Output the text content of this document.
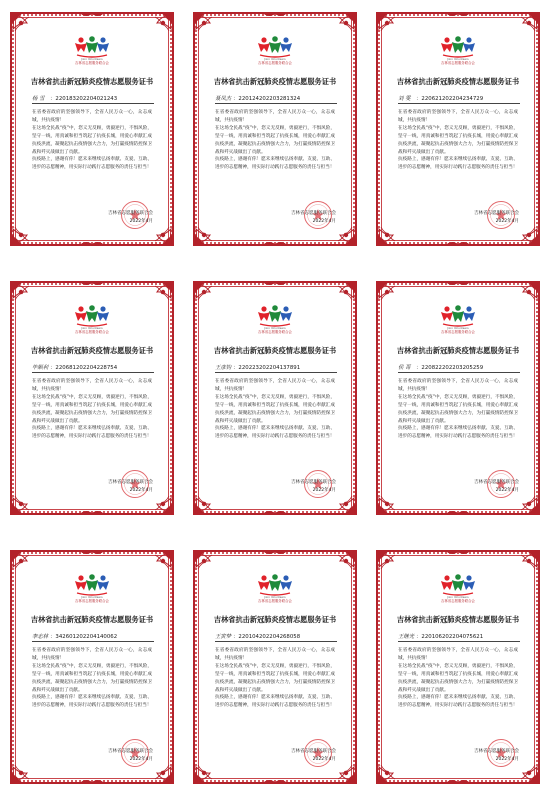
JiLin Volunteers
吉林省志愿服务联合会
吉林省抗击新冠肺炎疫情志愿服务证书
杨 雪 ：220183202204021243

在省委省政府的坚强领导下，全省人民万众一心，众志成城，共抗疫情！

在这场全民战“疫”中，您义无反顾，勇毅逆行，不惧风险，坚守一线，用真诚和担当筑起了抗疫长城，用爱心奉献汇成抗疫洪流，凝聚起抗击疫情强大合力，为打赢疫情防控保卫战和歼灭战做出了贡献。

抗疫路上，感谢有你！愿未来继续弘扬奉献、友爱、互助、进步的志愿精神，用实际行动践行志愿服务的责任与担当！

吉林省志愿服务联合会
2022年4月
JiLin Volunteers
吉林省志愿服务联合会
吉林省抗击新冠肺炎疫情志愿服务证书
聂凤杰 ：220124202203281324

在省委省政府的坚强领导下，全省人民万众一心，众志成城，共抗疫情！

在这场全民战“疫”中，您义无反顾，勇毅逆行，不惧风险，坚守一线，用真诚和担当筑起了抗疫长城，用爱心奉献汇成抗疫洪流，凝聚起抗击疫情强大合力，为打赢疫情防控保卫战和歼灭战做出了贡献。

抗疫路上，感谢有你！愿未来继续弘扬奉献、友爱、互助、进步的志愿精神，用实际行动践行志愿服务的责任与担当！

吉林省志愿服务联合会
2022年4月
JiLin Volunteers
吉林省志愿服务联合会
吉林省抗击新冠肺炎疫情志愿服务证书
刘 雯 ：220621202204234729

在省委省政府的坚强领导下，全省人民万众一心，众志成城，共抗疫情！

在这场全民战“疫”中，您义无反顾，勇毅逆行，不惧风险，坚守一线，用真诚和担当筑起了抗疫长城，用爱心奉献汇成抗疫洪流，凝聚起抗击疫情强大合力，为打赢疫情防控保卫战和歼灭战做出了贡献。

抗疫路上，感谢有你！愿未来继续弘扬奉献、友爱、互助、进步的志愿精神，用实际行动践行志愿服务的责任与担当！

吉林省志愿服务联合会
2022年4月
JiLin Volunteers
吉林省志愿服务联合会
吉林省抗击新冠肺炎疫情志愿服务证书
毕顺利 ：220681202204228754

在省委省政府的坚强领导下，全省人民万众一心，众志成城，共抗疫情！

在这场全民战“疫”中，您义无反顾，勇毅逆行，不惧风险，坚守一线，用真诚和担当筑起了抗疫长城，用爱心奉献汇成抗疫洪流，凝聚起抗击疫情强大合力，为打赢疫情防控保卫战和歼灭战做出了贡献。

抗疫路上，感谢有你！愿未来继续弘扬奉献、友爱、互助、进步的志愿精神，用实际行动践行志愿服务的责任与担当！

吉林省志愿服务联合会
2022年4月
JiLin Volunteers
吉林省志愿服务联合会
吉林省抗击新冠肺炎疫情志愿服务证书
王彦钧 ：220223202204137891

在省委省政府的坚强领导下，全省人民万众一心，众志成城，共抗疫情！

在这场全民战“疫”中，您义无反顾，勇毅逆行，不惧风险，坚守一线，用真诚和担当筑起了抗疫长城，用爱心奉献汇成抗疫洪流，凝聚起抗击疫情强大合力，为打赢疫情防控保卫战和歼灭战做出了贡献。

抗疫路上，感谢有你！愿未来继续弘扬奉献、友爱、互助、进步的志愿精神，用实际行动践行志愿服务的责任与担当！

吉林省志愿服务联合会
2022年4月
JiLin Volunteers
吉林省志愿服务联合会
吉林省抗击新冠肺炎疫情志愿服务证书
侯 哥 ：220822202203205259

在省委省政府的坚强领导下，全省人民万众一心，众志成城，共抗疫情！

在这场全民战“疫”中，您义无反顾，勇毅逆行，不惧风险，坚守一线，用真诚和担当筑起了抗疫长城，用爱心奉献汇成抗疫洪流，凝聚起抗击疫情强大合力，为打赢疫情防控保卫战和歼灭战做出了贡献。

抗疫路上，感谢有你！愿未来继续弘扬奉献、友爱、互助、进步的志愿精神，用实际行动践行志愿服务的责任与担当！

吉林省志愿服务联合会
2022年4月
JiLin Volunteers
吉林省志愿服务联合会
吉林省抗击新冠肺炎疫情志愿服务证书
李志林 ：342601202204140062

在省委省政府的坚强领导下，全省人民万众一心，众志成城，共抗疫情！

在这场全民战“疫”中，您义无反顾，勇毅逆行，不惧风险，坚守一线，用真诚和担当筑起了抗疫长城，用爱心奉献汇成抗疫洪流，凝聚起抗击疫情强大合力，为打赢疫情防控保卫战和歼灭战做出了贡献。

抗疫路上，感谢有你！愿未来继续弘扬奉献、友爱、互助、进步的志愿精神，用实际行动践行志愿服务的责任与担当！

吉林省志愿服务联合会
2022年4月
JiLin Volunteers
吉林省志愿服务联合会
吉林省抗击新冠肺炎疫情志愿服务证书
王寅梦 ：220104202204268058

在省委省政府的坚强领导下，全省人民万众一心，众志成城，共抗疫情！

在这场全民战“疫”中，您义无反顾，勇毅逆行，不惧风险，坚守一线，用真诚和担当筑起了抗疫长城，用爱心奉献汇成抗疫洪流，凝聚起抗击疫情强大合力，为打赢疫情防控保卫战和歼灭战做出了贡献。

抗疫路上，感谢有你！愿未来继续弘扬奉献、友爱、互助、进步的志愿精神，用实际行动践行志愿服务的责任与担当！

吉林省志愿服务联合会
2022年4月
JiLin Volunteers
吉林省志愿服务联合会
吉林省抗击新冠肺炎疫情志愿服务证书
王继光 ：220106202204075621

在省委省政府的坚强领导下，全省人民万众一心，众志成城，共抗疫情！

在这场全民战“疫”中，您义无反顾，勇毅逆行，不惧风险，坚守一线，用真诚和担当筑起了抗疫长城，用爱心奉献汇成抗疫洪流，凝聚起抗击疫情强大合力，为打赢疫情防控保卫战和歼灭战做出了贡献。

抗疫路上，感谢有你！愿未来继续弘扬奉献、友爱、互助、进步的志愿精神，用实际行动践行志愿服务的责任与担当！

吉林省志愿服务联合会
2022年4月
